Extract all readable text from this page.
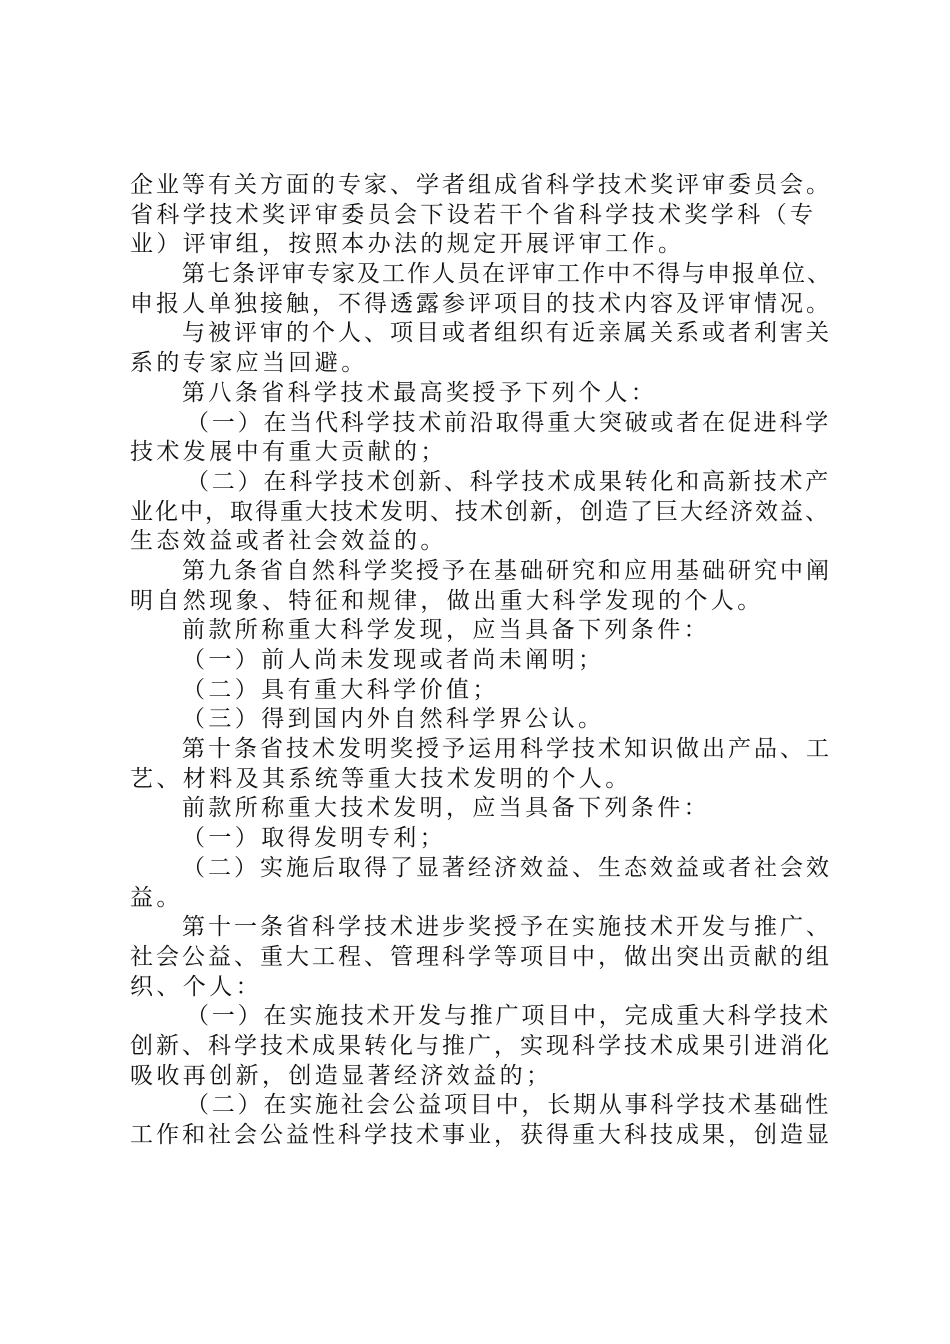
企业等有关方面的专家、学者组成省科学技术奖评审委员会。
省科学技术奖评审委员会下设若干个省科学技术奖学科（专
业）评审组，按照本办法的规定开展评审工作。
第七条评审专家及工作人员在评审工作中不得与申报单位、
申报人单独接触，不得透露参评项目的技术内容及评审情况。
与被评审的个人、项目或者组织有近亲属关系或者利害关
系的专家应当回避。
第八条省科学技术最高奖授予下列个人：
（一）在当代科学技术前沿取得重大突破或者在促进科学
技术发展中有重大贡献的；
（二）在科学技术创新、科学技术成果转化和高新技术产
业化中，取得重大技术发明、技术创新，创造了巨大经济效益、
生态效益或者社会效益的。
第九条省自然科学奖授予在基础研究和应用基础研究中阐
明自然现象、特征和规律，做出重大科学发现的个人。
前款所称重大科学发现，应当具备下列条件：
（一）前人尚未发现或者尚未阐明；
（二）具有重大科学价值；
（三）得到国内外自然科学界公认。
第十条省技术发明奖授予运用科学技术知识做出产品、工
艺、材料及其系统等重大技术发明的个人。
前款所称重大技术发明，应当具备下列条件：
（一）取得发明专利；
（二）实施后取得了显著经济效益、生态效益或者社会效
益。
第十一条省科学技术进步奖授予在实施技术开发与推广、
社会公益、重大工程、管理科学等项目中，做出突出贡献的组
织、个人：
（一）在实施技术开发与推广项目中，完成重大科学技术
创新、科学技术成果转化与推广，实现科学技术成果引进消化
吸收再创新，创造显著经济效益的；
（二）在实施社会公益项目中，长期从事科学技术基础性
工作和社会公益性科学技术事业，获得重大科技成果，创造显
